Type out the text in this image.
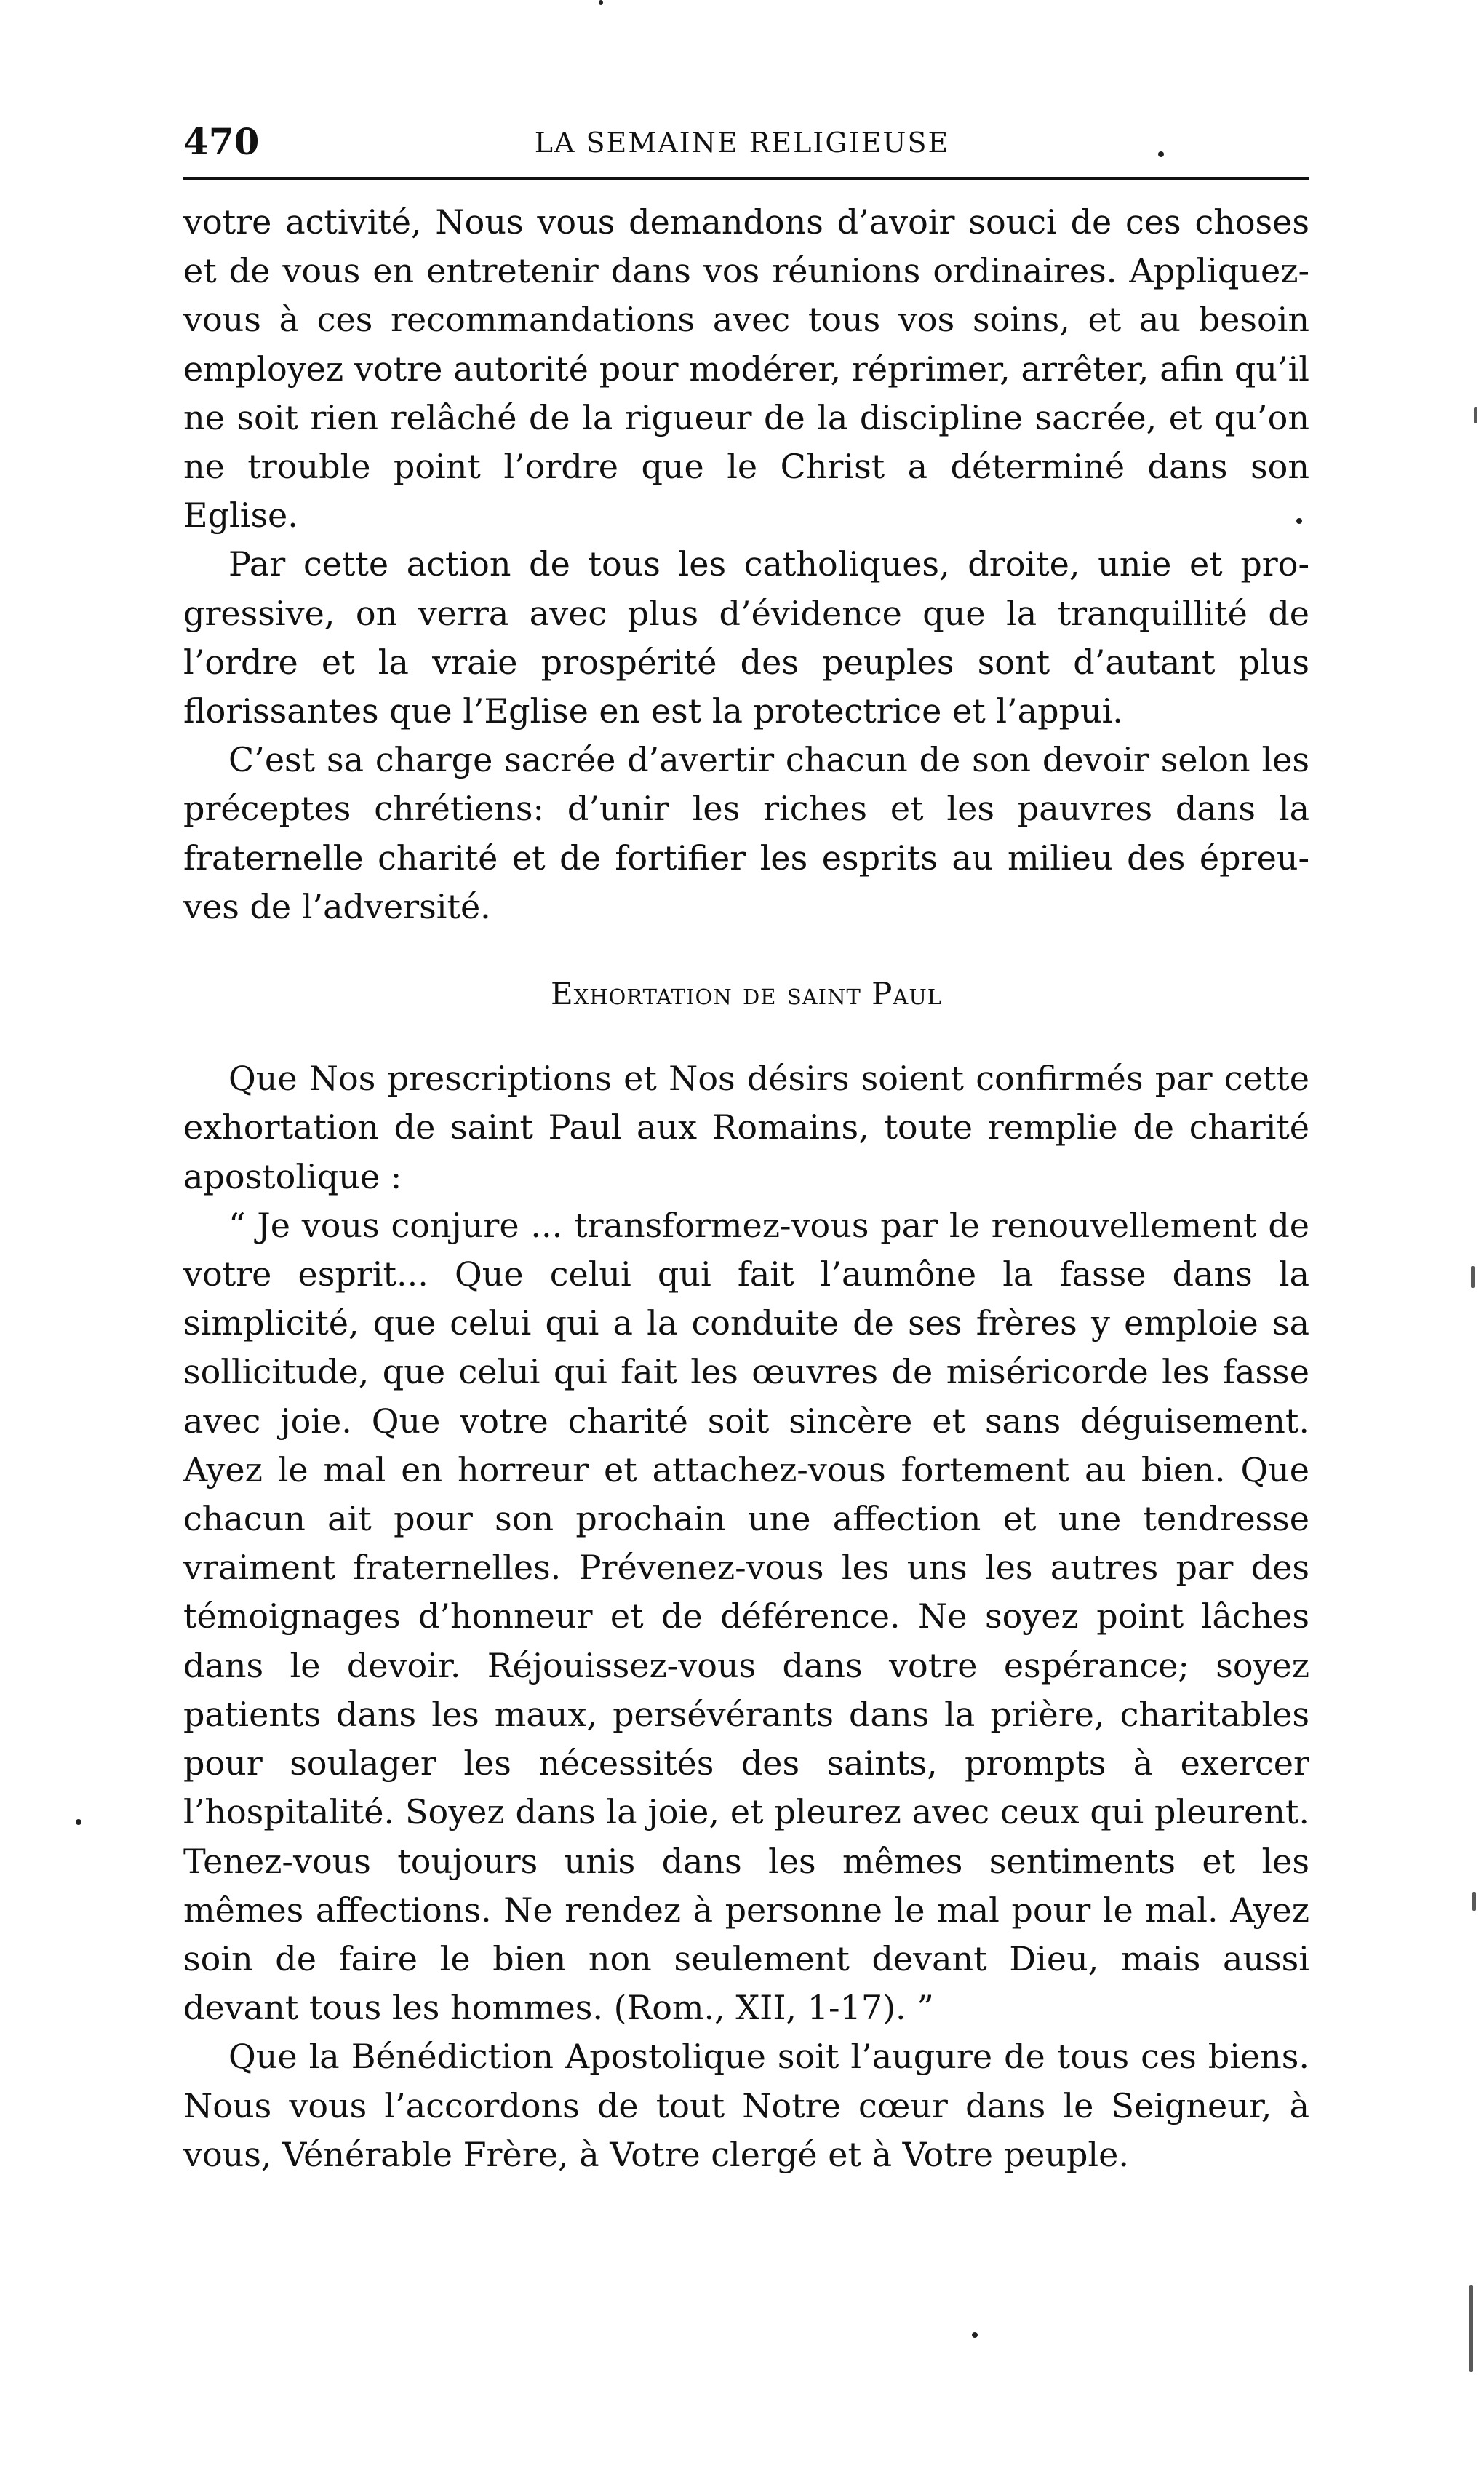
470	LA SEMAINE RELIGIEUSE

votre activité, Nous vous demandons d’avoir souci de ces choses et de vous en entretenir dans vos réunions ordinaires. Appliquez-vous à ces recommandations avec tous vos soins, et au besoin employez votre autorité pour modérer, réprimer, arrêter, afin qu’il ne soit rien relâché de la rigueur de la discipline sacrée, et qu’on ne trouble point l’ordre que le Christ a déterminé dans son Eglise.

Par cette action de tous les catholiques, droite, unie et progressive, on verra avec plus d’évidence que la tranquillité de l’ordre et la vraie prospérité des peuples sont d’autant plus florissantes que l’Eglise en est la protectrice et l’appui.

C’est sa charge sacrée d’avertir chacun de son devoir selon les préceptes chrétiens: d’unir les riches et les pauvres dans la fraternelle charité et de fortifier les esprits au milieu des épreuves de l’adversité.

Exhortation de saint Paul

Que Nos prescriptions et Nos désirs soient confirmés par cette exhortation de saint Paul aux Romains, toute remplie de charité apostolique :

“ Je vous conjure ... transformez-vous par le renouvellement de votre esprit... Que celui qui fait l’aumône la fasse dans la simplicité, que celui qui a la conduite de ses frères y emploie sa sollicitude, que celui qui fait les œuvres de miséricorde les fasse avec joie. Que votre charité soit sincère et sans déguisement. Ayez le mal en horreur et attachez-vous fortement au bien. Que chacun ait pour son prochain une affection et une tendresse vraiment fraternelles. Prévenez-vous les uns les autres par des témoignages d’honneur et de déférence. Ne soyez point lâches dans le devoir. Réjouissez-vous dans votre espérance; soyez patients dans les maux, persévérants dans la prière, charitables pour soulager les nécessités des saints, prompts à exercer l’hospitalité. Soyez dans la joie, et pleurez avec ceux qui pleurent. Tenez-vous toujours unis dans les mêmes sentiments et les mêmes affections. Ne rendez à personne le mal pour le mal. Ayez soin de faire le bien non seulement devant Dieu, mais aussi devant tous les hommes. (Rom., XII, 1-17). ”

Que la Bénédiction Apostolique soit l’augure de tous ces biens. Nous vous l’accordons de tout Notre cœur dans le Seigneur, à vous, Vénérable Frère, à Votre clergé et à Votre peuple.
